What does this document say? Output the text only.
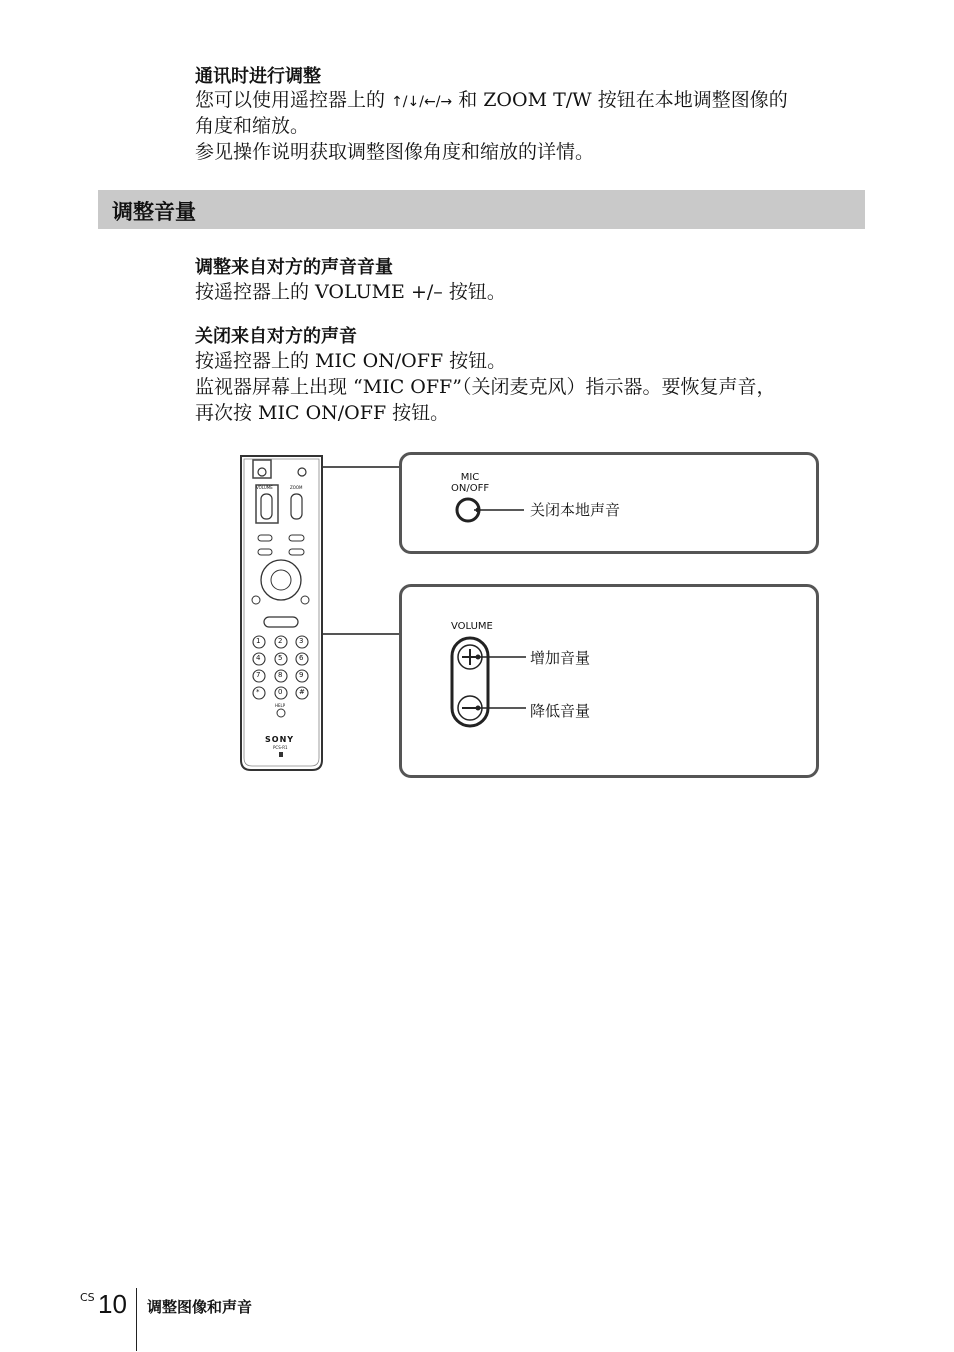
通讯时进行调整
您可以使用遥控器上的 ↑/↓/←/→ 和 ZOOM T/W 按钮在本地调整图像的
角度和缩放。
参见操作说明获取调整图像角度和缩放的详情。
调整音量
调整来自对方的声音音量
按遥控器上的 VOLUME +/– 按钮。
关闭来自对方的声音
按遥控器上的 MIC ON/OFF 按钮。
监视器屏幕上出现 “MIC OFF”（关闭麦克风）指示器。要恢复声音，
再次按 MIC ON/OFF 按钮。
VOLUME	ZOOM
HELP
SONY
PCS-R1
1	2 3
4	5 6
7	8 9
*	0 #
MIC
ON/OFF
关闭本地声音
VOLUME
增加音量
降低音量
CS 10 调整图像和声音
